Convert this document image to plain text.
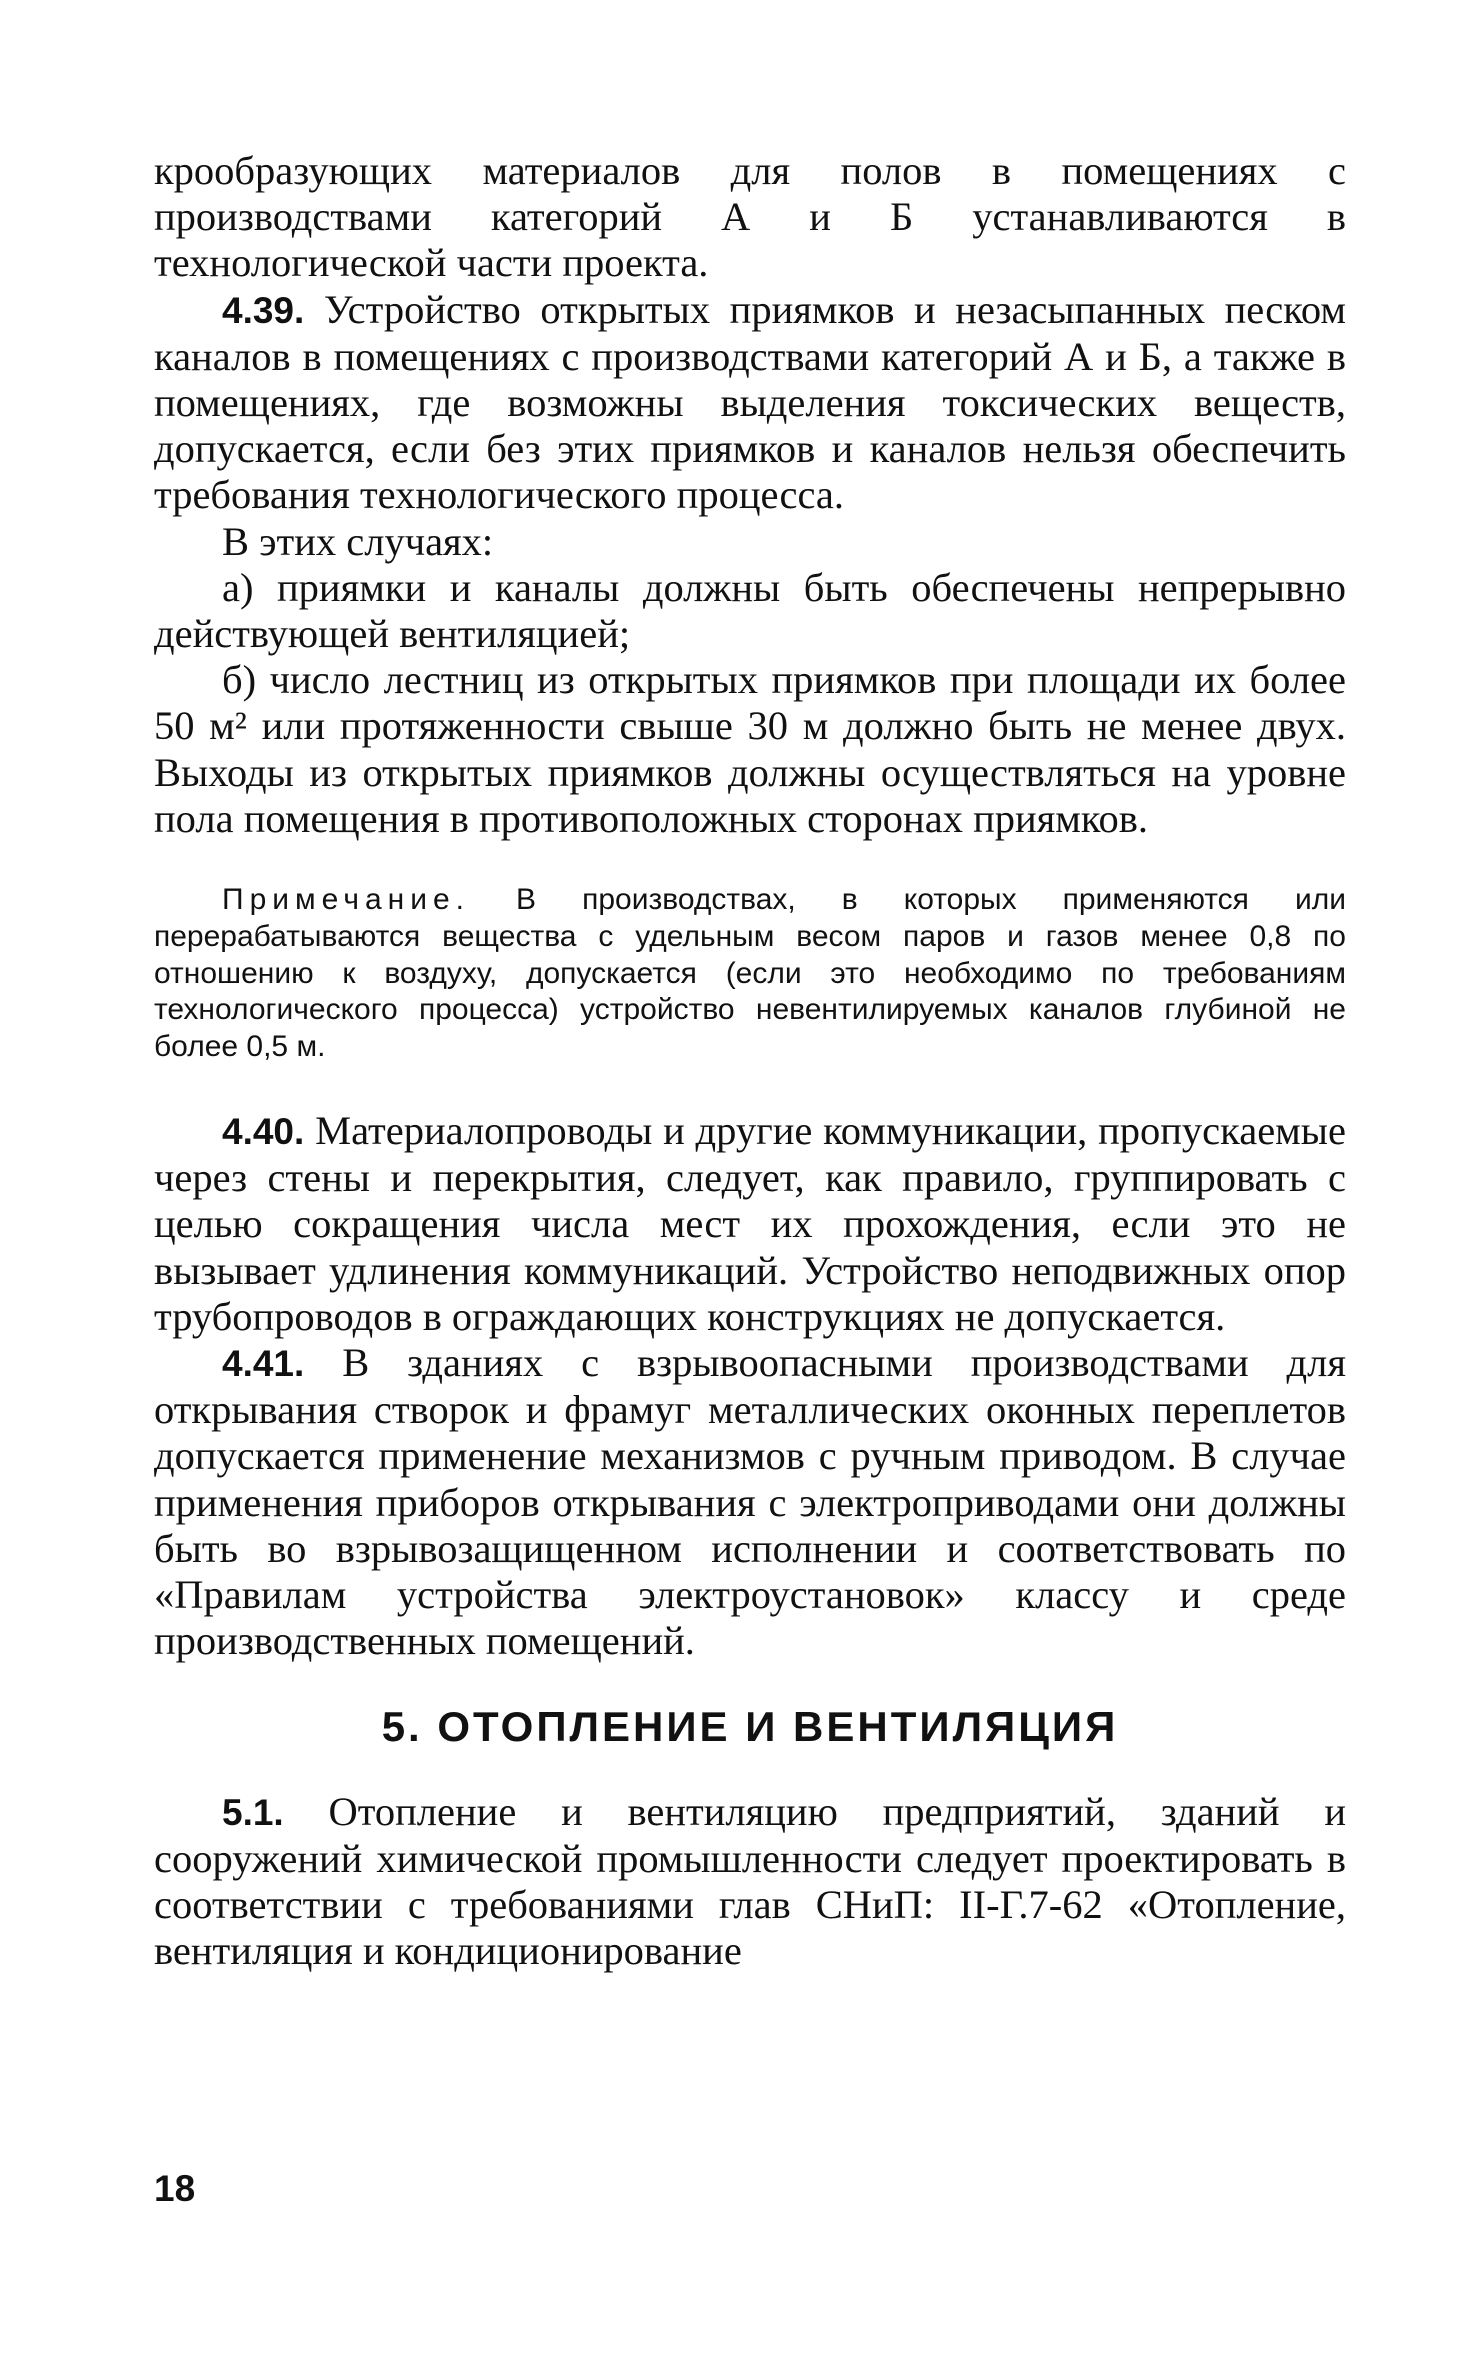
крообразующих материалов для полов в помещениях с производствами категорий А и Б устанавливаются в технологической части проекта.

4.39. Устройство открытых приямков и незасыпанных песком каналов в помещениях с производствами категорий А и Б, а также в помещениях, где возможны выделения токсических веществ, допускается, если без этих приямков и каналов нельзя обеспечить требования технологического процесса.

В этих случаях:

а) приямки и каналы должны быть обеспечены непрерывно действующей вентиляцией;

б) число лестниц из открытых приямков при площади их более 50 м² или протяженности свыше 30 м должно быть не менее двух. Выходы из открытых приямков должны осуществляться на уровне пола помещения в противоположных сторонах приямков.

Примечание. В производствах, в которых применяются или перерабатываются вещества с удельным весом паров и газов менее 0,8 по отношению к воздуху, допускается (если это необходимо по требованиям технологического процесса) устройство невентилируемых каналов глубиной не более 0,5 м.

4.40. Материалопроводы и другие коммуникации, пропускаемые через стены и перекрытия, следует, как правило, группировать с целью сокращения числа мест их прохождения, если это не вызывает удлинения коммуникаций. Устройство неподвижных опор трубопроводов в ограждающих конструкциях не допускается.

4.41. В зданиях с взрывоопасными производствами для открывания створок и фрамуг металлических оконных переплетов допускается применение механизмов с ручным приводом. В случае применения приборов открывания с электроприводами они должны быть во взрывозащищенном исполнении и соответствовать по «Правилам устройства электроустановок» классу и среде производственных помещений.

5. ОТОПЛЕНИЕ И ВЕНТИЛЯЦИЯ

5.1. Отопление и вентиляцию предприятий, зданий и сооружений химической промышленности следует проектировать в соответствии с требованиями глав СНиП: II-Г.7-62 «Отопление, вентиляция и кондиционирование

18
